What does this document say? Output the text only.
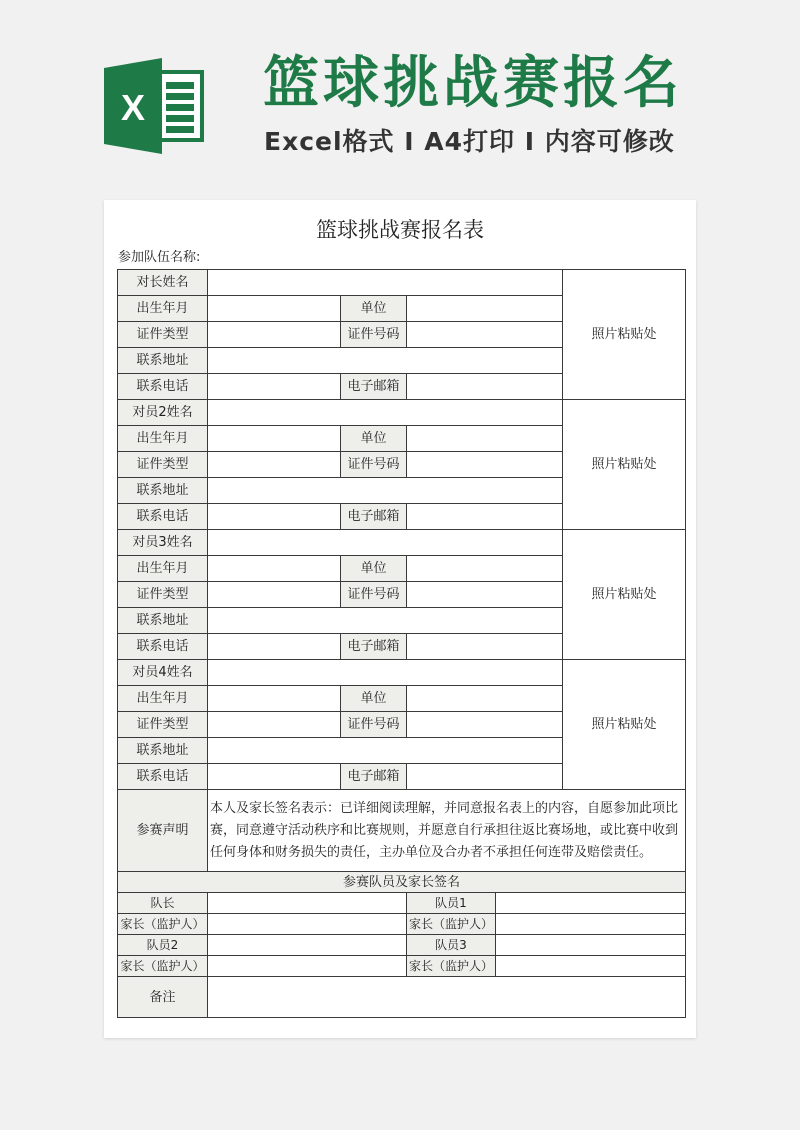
X 篮球挑战赛报名
Excel格式 I A4打印 I 内容可修改
篮球挑战赛报名表
参加队伍名称:
对长姓名					照片粘贴处
出生年月		单位			
证件类型		证件号码			
联系地址					
联系电话		电子邮箱			
对员2姓名					照片粘贴处
出生年月		单位			
证件类型		证件号码			
联系地址					
联系电话		电子邮箱			
对员3姓名					照片粘贴处
出生年月		单位			
证件类型		证件号码			
联系地址					
联系电话		电子邮箱			
对员4姓名					照片粘贴处
出生年月		单位			
证件类型		证件号码			
联系地址					
联系电话		电子邮箱			
参赛声明	本人及家长签名表示：已详细阅读理解，并同意报名表上的内容，自愿参加此项比赛，同意遵守活动秩序和比赛规则，并愿意自行承担往返比赛场地，或比赛中收到任何身体和财务损失的责任，主办单位及合办者不承担任何连带及赔偿责任。				
参赛队员及家长签名					
队长			队员1		
家长（监护人）			家长（监护人）		
队员2			队员3		
家长（监护人）			家长（监护人）		
备注					
